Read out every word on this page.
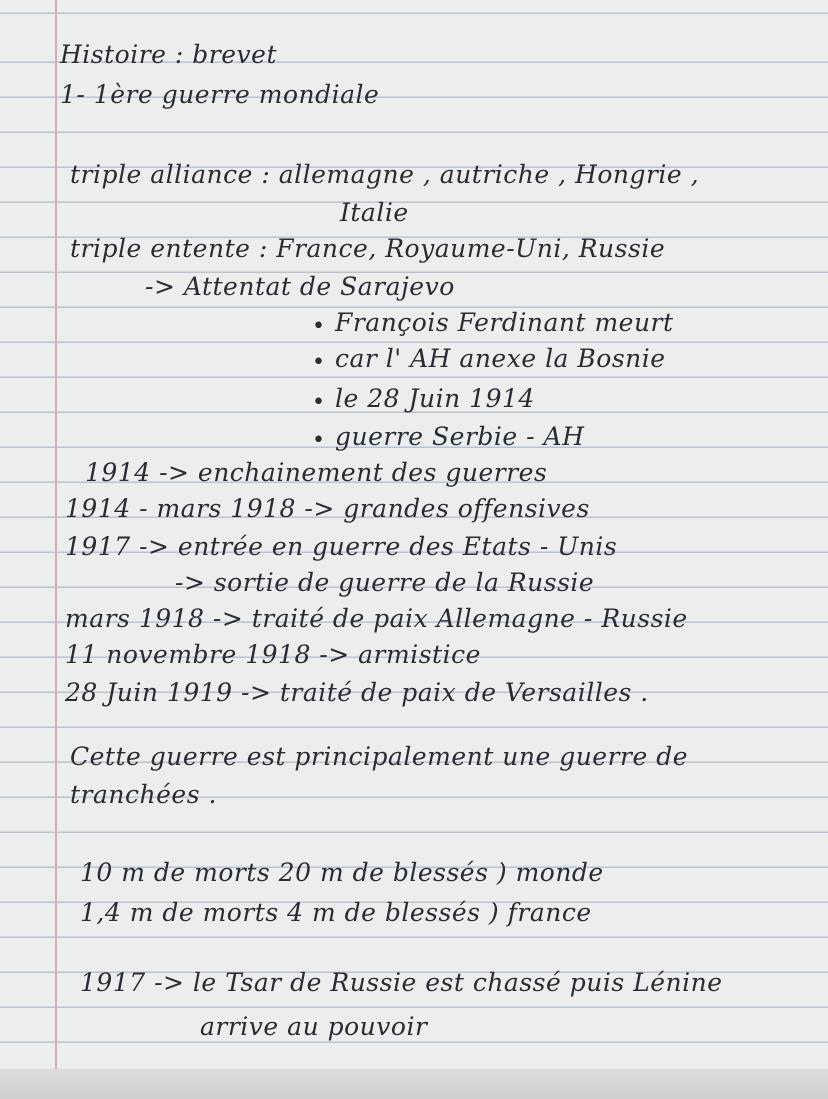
Histoire : brevet
1- 1ère guerre mondiale
triple alliance : allemagne , autriche , Hongrie ,
Italie
triple entente : France, Royaume-Uni, Russie
-> Attentat de Sarajevo
• François Ferdinant meurt
• car l' AH anexe la Bosnie
• le 28 Juin 1914
• guerre Serbie - AH
1914 -> enchainement des guerres
1914 - mars 1918 -> grandes offensives
1917 -> entrée en guerre des Etats - Unis
-> sortie de guerre de la Russie
mars 1918 -> traité de paix Allemagne - Russie
11 novembre 1918 -> armistice
28 Juin 1919 -> traité de paix de Versailles .
Cette guerre est principalement une guerre de
tranchées .
10 m de morts 20 m de blessés ) monde
1,4 m de morts 4 m de blessés ) france
1917 -> le Tsar de Russie est chassé puis Lénine
arrive au pouvoir
